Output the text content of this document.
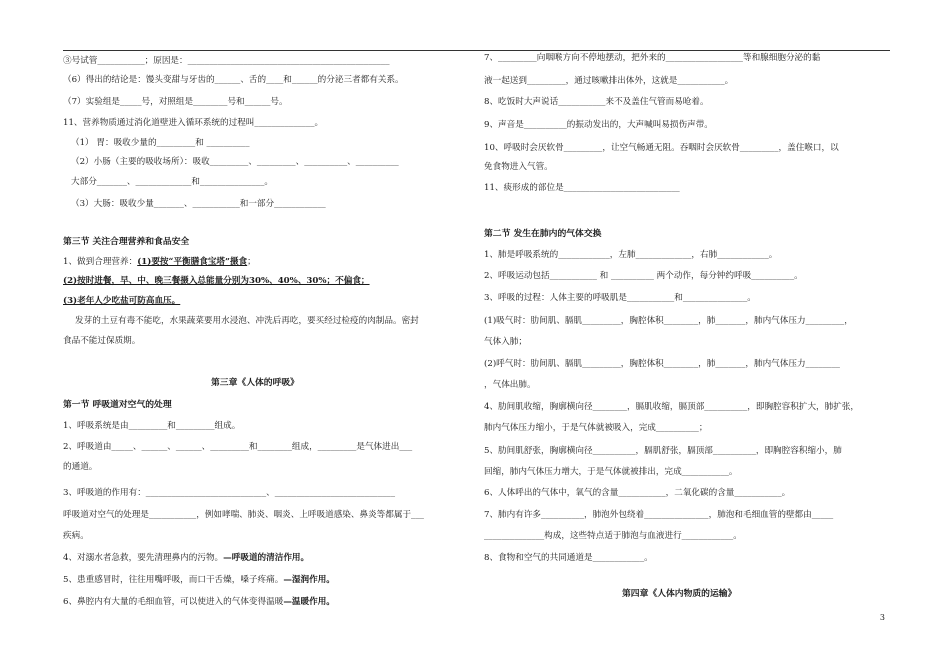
③号试管___________；原因是：_______________________________________________
（6）得出的结论是：馒头变甜与牙齿的______、舌的____和______的分泌三者都有关系。
（7）实验组是_____号，对照组是________号和______号。
11、营养物质通过消化道壁进入循环系统的过程叫______________。
（1） 胃：吸收少量的_________和 __________
（2）小肠（主要的吸收场所）：吸收_________、_________、__________、__________
大部分_______、_____________和_______________。
（3）大肠：吸收少量_______、___________和一部分____________
第三节 关注合理营养和食品安全
1、做到合理营养：(1)要按“平衡膳食宝塔”摄食；
(2)按时进餐，早、中、晚三餐摄入总能量分别为30%、40%、30%；不偏食；
(3)老年人少吃盐可防高血压。
发芽的土豆有毒不能吃，水果蔬菜要用水浸泡、冲洗后再吃，要买经过检疫的肉制品。密封
食品不能过保质期。
第三章《人体的呼吸》
第一节 呼吸道对空气的处理
1、呼吸系统是由_________和_________组成。
2、呼吸道由_____、______、______、_________和________组成，_________是气体进出___
的通道。
3、呼吸道的作用有：____________________________、____________________________
呼吸道对空气的处理是___________，例如哮喘、肺炎、咽炎、上呼吸道感染、鼻炎等都属于___
疾病。
4、对溺水者急救，要先清理鼻内的污物。—呼吸道的清洁作用。
5、患重感冒时，往往用嘴呼吸，而口干舌燥，嗓子疼痛。—湿润作用。
6、鼻腔内有大量的毛细血管，可以使进入的气体变得温暖—温暖作用。
7、_________向咽喉方向不停地摆动，把外来的__________________等和腺细胞分泌的黏
液一起送到_________，通过咳嗽排出体外，这就是___________。
8、吃饭时大声说话___________来不及盖住气管而易呛着。
9、声音是__________的振动发出的，大声喊叫易损伤声带。
10、呼吸时会厌软骨_________，让空气畅通无阻。吞咽时会厌软骨_________，盖住喉口，以
免食物进入气管。
11、痰形成的部位是___________________________
第二节 发生在肺内的气体交换
1、肺是呼吸系统的____________，左肺_____________，右肺____________。
2、呼吸运动包括___________ 和 __________ 两个动作，每分钟约呼吸__________。
3、呼吸的过程：人体主要的呼吸肌是___________和_______________。
(1)吸气时：肋间肌、膈肌_________，胸腔体积________，肺_______，肺内气体压力_________，
气体入肺；
(2)呼气时：肋间肌、膈肌_________，胸腔体积________，肺_______，肺内气体压力________
，气体出肺。
4、肋间肌收缩，胸廓横向径________，膈肌收缩，膈顶部__________，即胸腔容积扩大，肺扩张，
肺内气体压力缩小，于是气体就被吸入，完成__________；
5、肋间肌舒张，胸廓横向径__________，膈肌舒张，膈顶部__________，即胸腔容积缩小，肺
回缩，肺内气体压力增大，于是气体就被排出，完成___________。
6、人体呼出的气体中，氧气的含量___________，二氧化碳的含量___________。
7、肺内有许多__________，肺泡外包绕着_______________，肺泡和毛细血管的壁都由_____
______________构成，这些特点适于肺泡与血液进行____________。
8、食物和空气的共同通道是____________。
第四章《人体内物质的运输》
3
